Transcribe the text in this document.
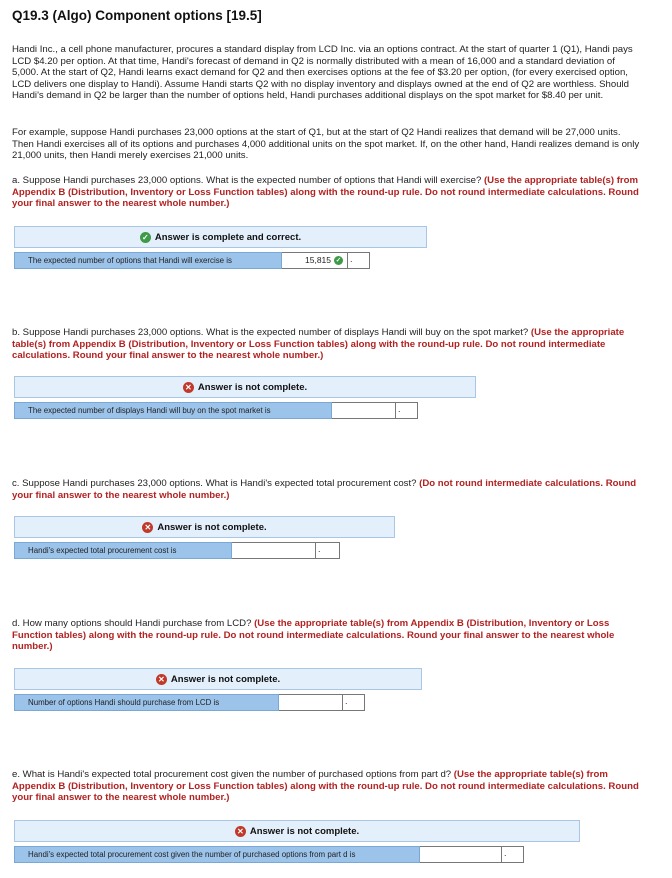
Q19.3 (Algo) Component options [19.5]
Handi Inc., a cell phone manufacturer, procures a standard display from LCD Inc. via an options contract. At the start of quarter 1 (Q1), Handi pays LCD $4.20 per option. At that time, Handi's forecast of demand in Q2 is normally distributed with a mean of 16,000 and a standard deviation of 5,000. At the start of Q2, Handi learns exact demand for Q2 and then exercises options at the fee of $3.20 per option, (for every exercised option, LCD delivers one display to Handi). Assume Handi starts Q2 with no display inventory and displays owned at the end of Q2 are worthless. Should Handi's demand in Q2 be larger than the number of options held, Handi purchases additional displays on the spot market for $8.40 per unit.
For example, suppose Handi purchases 23,000 options at the start of Q1, but at the start of Q2 Handi realizes that demand will be 27,000 units. Then Handi exercises all of its options and purchases 4,000 additional units on the spot market. If, on the other hand, Handi realizes demand is only 21,000 units, then Handi merely exercises 21,000 units.
a. Suppose Handi purchases 23,000 options. What is the expected number of options that Handi will exercise? (Use the appropriate table(s) from Appendix B (Distribution, Inventory or Loss Function tables) along with the round-up rule. Do not round intermediate calculations. Round your final answer to the nearest whole number.)
✓ Answer is complete and correct.
The expected number of options that Handi will exercise is	15,815 ✓ .
b. Suppose Handi purchases 23,000 options. What is the expected number of displays Handi will buy on the spot market? (Use the appropriate table(s) from Appendix B (Distribution, Inventory or Loss Function tables) along with the round-up rule. Do not round intermediate calculations. Round your final answer to the nearest whole number.)
✕ Answer is not complete.
The expected number of displays Handi will buy on the spot market is	.
c. Suppose Handi purchases 23,000 options. What is Handi's expected total procurement cost? (Do not round intermediate calculations. Round your final answer to the nearest whole number.)
✕ Answer is not complete.
Handi's expected total procurement cost is	.
d. How many options should Handi purchase from LCD? (Use the appropriate table(s) from Appendix B (Distribution, Inventory or Loss Function tables) along with the round-up rule. Do not round intermediate calculations. Round your final answer to the nearest whole number.)
✕ Answer is not complete.
Number of options Handi should purchase from LCD is	.
e. What is Handi's expected total procurement cost given the number of purchased options from part d? (Use the appropriate table(s) from Appendix B (Distribution, Inventory or Loss Function tables) along with the round-up rule. Do not round intermediate calculations. Round your final answer to the nearest whole number.)
✕ Answer is not complete.
Handi's expected total procurement cost given the number of purchased options from part d is	.
